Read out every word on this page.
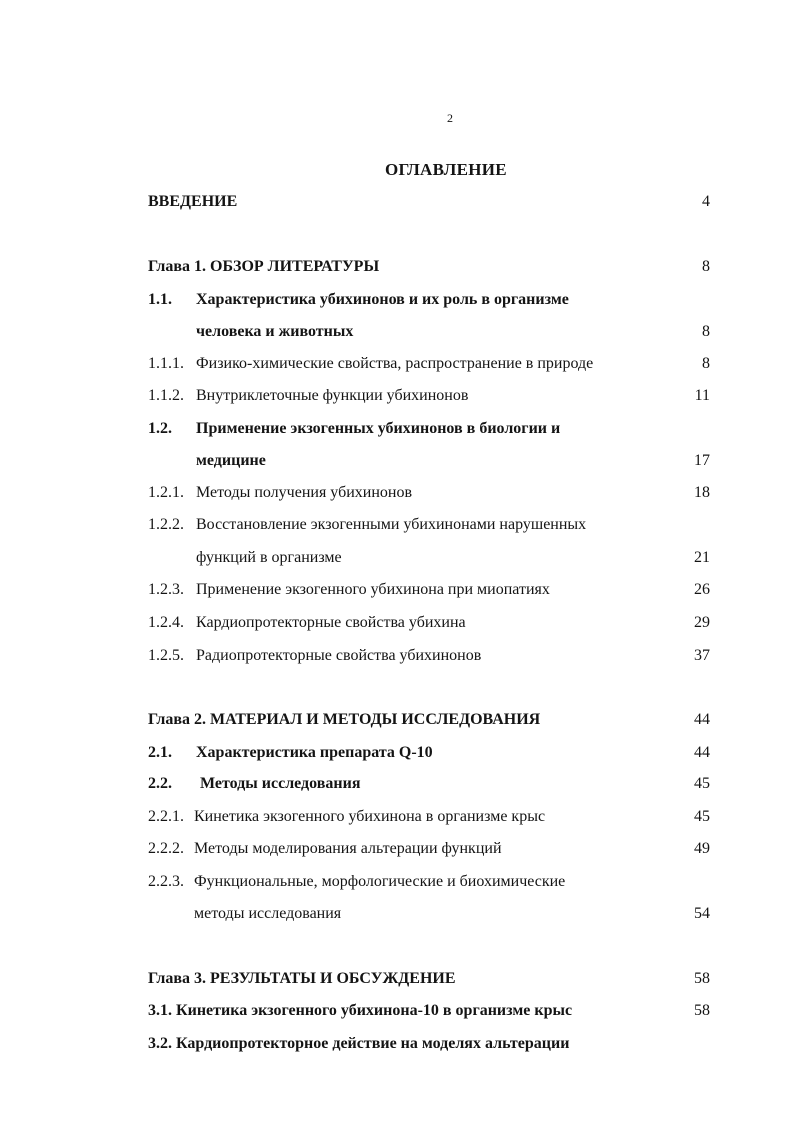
2
ОГЛАВЛЕНИЕ
ВВЕДЕНИЕ	4
Глава 1. ОБЗОР ЛИТЕРАТУРЫ	8
1.1. Характеристика убихинонов и их роль в организме
человека и животных	8
1.1.1. Физико-химические свойства, распространение в природе	8
1.1.2. Внутриклеточные функции убихинонов	11
1.2. Применение экзогенных убихинонов в биологии и
медицине	17
1.2.1. Методы получения убихинонов	18
1.2.2. Восстановление экзогенными убихинонами нарушенных
функций в организме	21
1.2.3. Применение экзогенного убихинона при миопатиях	26
1.2.4. Кардиопротекторные свойства убихина	29
1.2.5. Радиопротекторные свойства убихинонов	37
Глава 2. МАТЕРИАЛ И МЕТОДЫ ИССЛЕДОВАНИЯ	44
2.1. Характеристика препарата Q-10	44
2.2. Методы исследования	45
2.2.1. Кинетика экзогенного убихинона в организме крыс	45
2.2.2. Методы моделирования альтерации функций	49
2.2.3. Функциональные, морфологические и биохимические
методы исследования	54
Глава 3. РЕЗУЛЬТАТЫ И ОБСУЖДЕНИЕ	58
3.1. Кинетика экзогенного убихинона-10 в организме крыс	58
3.2. Кардиопротекторное действие на моделях альтерации
